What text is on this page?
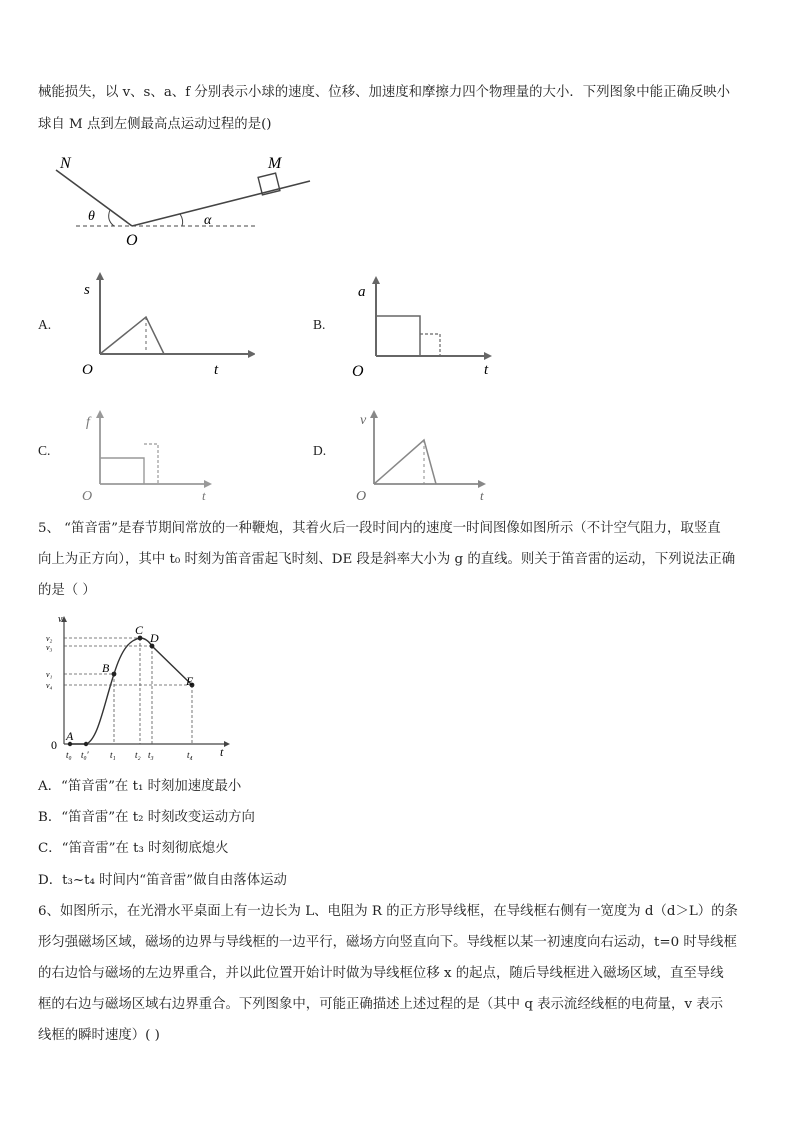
械能损失，以 v、s、a、f 分别表示小球的速度、位移、加速度和摩擦力四个物理量的大小．下列图象中能正确反映小
球自 M 点到左侧最高点运动过程的是()
N	M
O
θ	α
A.
s
t
O
B.
a
t
O
C.
f
t
O
D.
v
t
O
5、 “笛音雷”是春节期间常放的一种鞭炮，其着火后一段时间内的速度一时间图像如图所示（不计空气阻力，取竖直
向上为正方向），其中 t₀ 时刻为笛音雷起飞时刻、DE 段是斜率大小为 g 的直线。则关于笛音雷的运动，下列说法正确
的是（ ）
v
t
0
A
B
C
D
E
v₂
v₃
v₁
v₄
t₀ t₀′ t₁ t₂ t₃	t₄
A．“笛音雷”在 t₁ 时刻加速度最小
B．“笛音雷”在 t₂ 时刻改变运动方向
C．“笛音雷”在 t₃ 时刻彻底熄火
D．t₃~t₄ 时间内“笛音雷”做自由落体运动
6、如图所示，在光滑水平桌面上有一边长为 L、电阻为 R 的正方形导线框，在导线框右侧有一宽度为 d（d＞L）的条
形匀强磁场区域，磁场的边界与导线框的一边平行，磁场方向竖直向下。导线框以某一初速度向右运动，t=0 时导线框
的右边恰与磁场的左边界重合，并以此位置开始计时做为导线框位移 x 的起点，随后导线框进入磁场区域，直至导线
框的右边与磁场区域右边界重合。下列图象中，可能正确描述上述过程的是（其中 q 表示流经线框的电荷量，v 表示
线框的瞬时速度）( )
